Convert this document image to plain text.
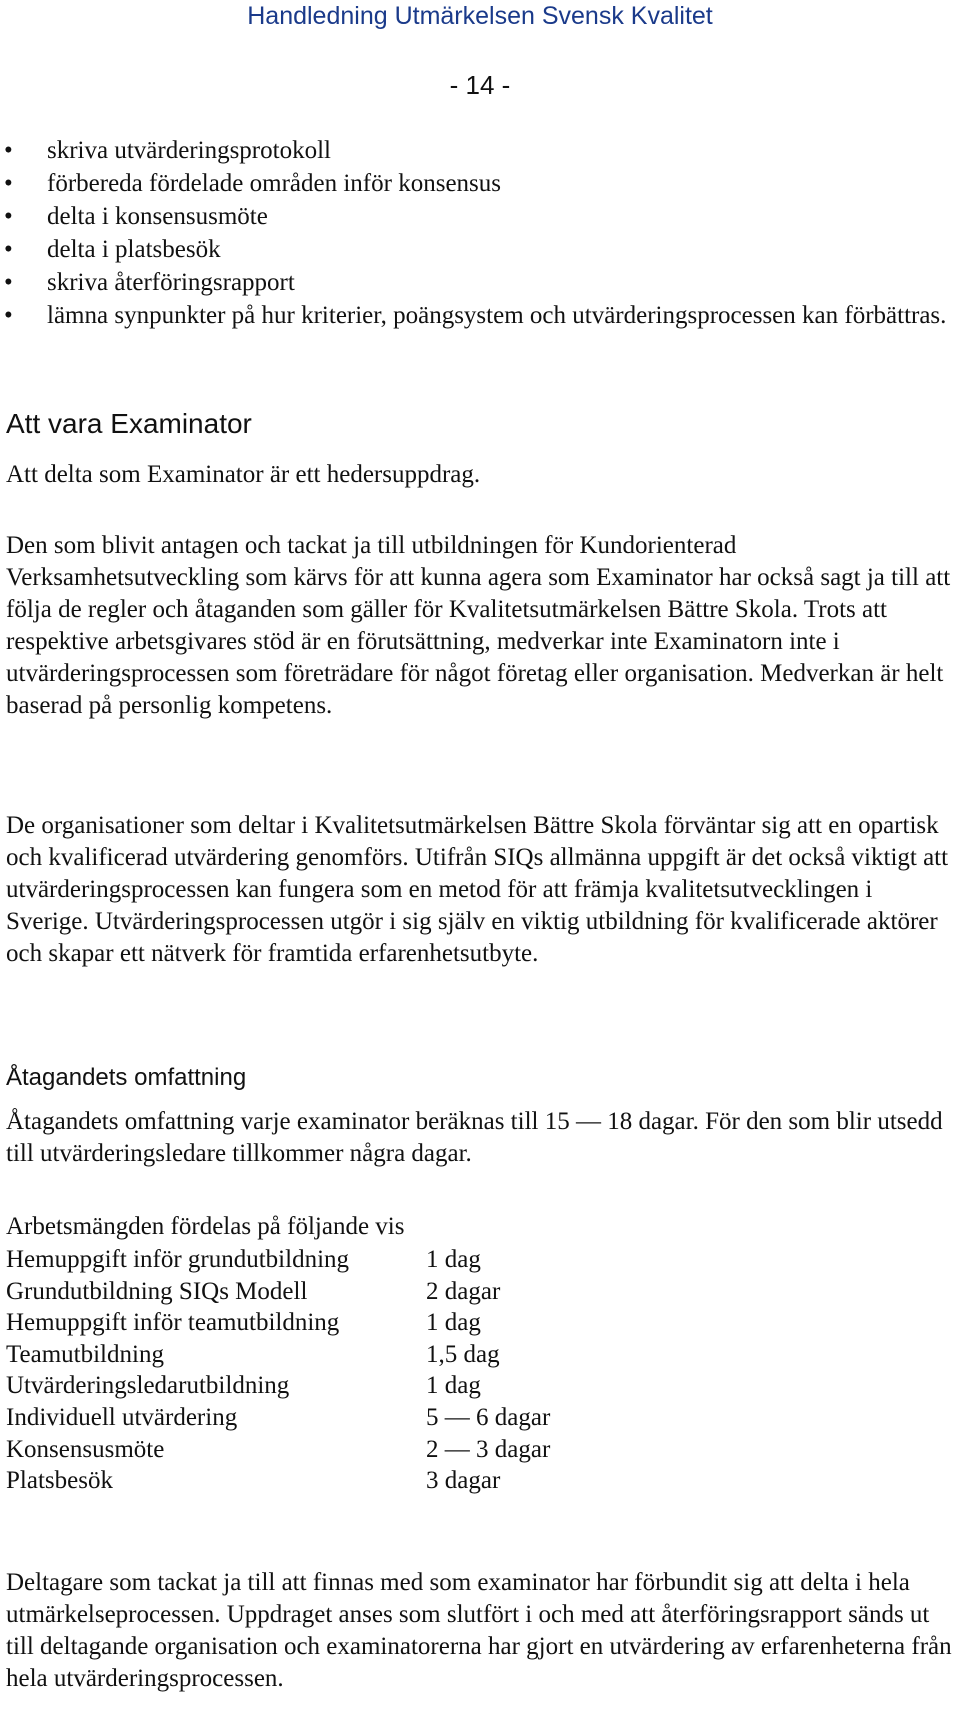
Handledning Utmärkelsen Svensk Kvalitet
- 14 -
• skriva utvärderingsprotokoll
• förbereda fördelade områden inför konsensus
• delta i konsensusmöte
• delta i platsbesök
• skriva återföringsrapport
• lämna synpunkter på hur kriterier, poängsystem och utvärderingsprocessen kan förbättras.
Att vara Examinator

Att delta som Examinator är ett hedersuppdrag.

Den som blivit antagen och tackat ja till utbildningen för Kundorienterad Verksamhetsutveckling som kärvs för att kunna agera som Examinator har också sagt ja till att följa de regler och åtaganden som gäller för Kvalitetsutmärkelsen Bättre Skola. Trots att respektive arbetsgivares stöd är en förutsättning, medverkar inte Examinatorn inte i utvärderingsprocessen som företrädare för något företag eller organisation. Medverkan är helt baserad på personlig kompetens.

De organisationer som deltar i Kvalitetsutmärkelsen Bättre Skola förväntar sig att en opartisk och kvalificerad utvärdering genomförs. Utifrån SIQs allmänna uppgift är det också viktigt att utvärderingsprocessen kan fungera som en metod för att främja kvalitetsutvecklingen i Sverige. Utvärderingsprocessen utgör i sig själv en viktig utbildning för kvalificerade aktörer och skapar ett nätverk för framtida erfarenhetsutbyte.

Åtagandets omfattning

Åtagandets omfattning varje examinator beräknas till 15 — 18 dagar. För den som blir utsedd till utvärderingsledare tillkommer några dagar.

Arbetsmängden fördelas på följande vis

Hemuppgift inför grundutbildning	1 dag
Grundutbildning SIQs Modell	2 dagar
Hemuppgift inför teamutbildning	1 dag
Teamutbildning	1,5 dag
Utvärderingsledarutbildning	1 dag
Individuell utvärdering	5 — 6 dagar
Konsensusmöte	2 — 3 dagar
Platsbesök	3 dagar

Deltagare som tackat ja till att finnas med som examinator har förbundit sig att delta i hela utmärkelseprocessen. Uppdraget anses som slutfört i och med att återföringsrapport sänds ut till deltagande organisation och examinatorerna har gjort en utvärdering av erfarenheterna från hela utvärderingsprocessen.
